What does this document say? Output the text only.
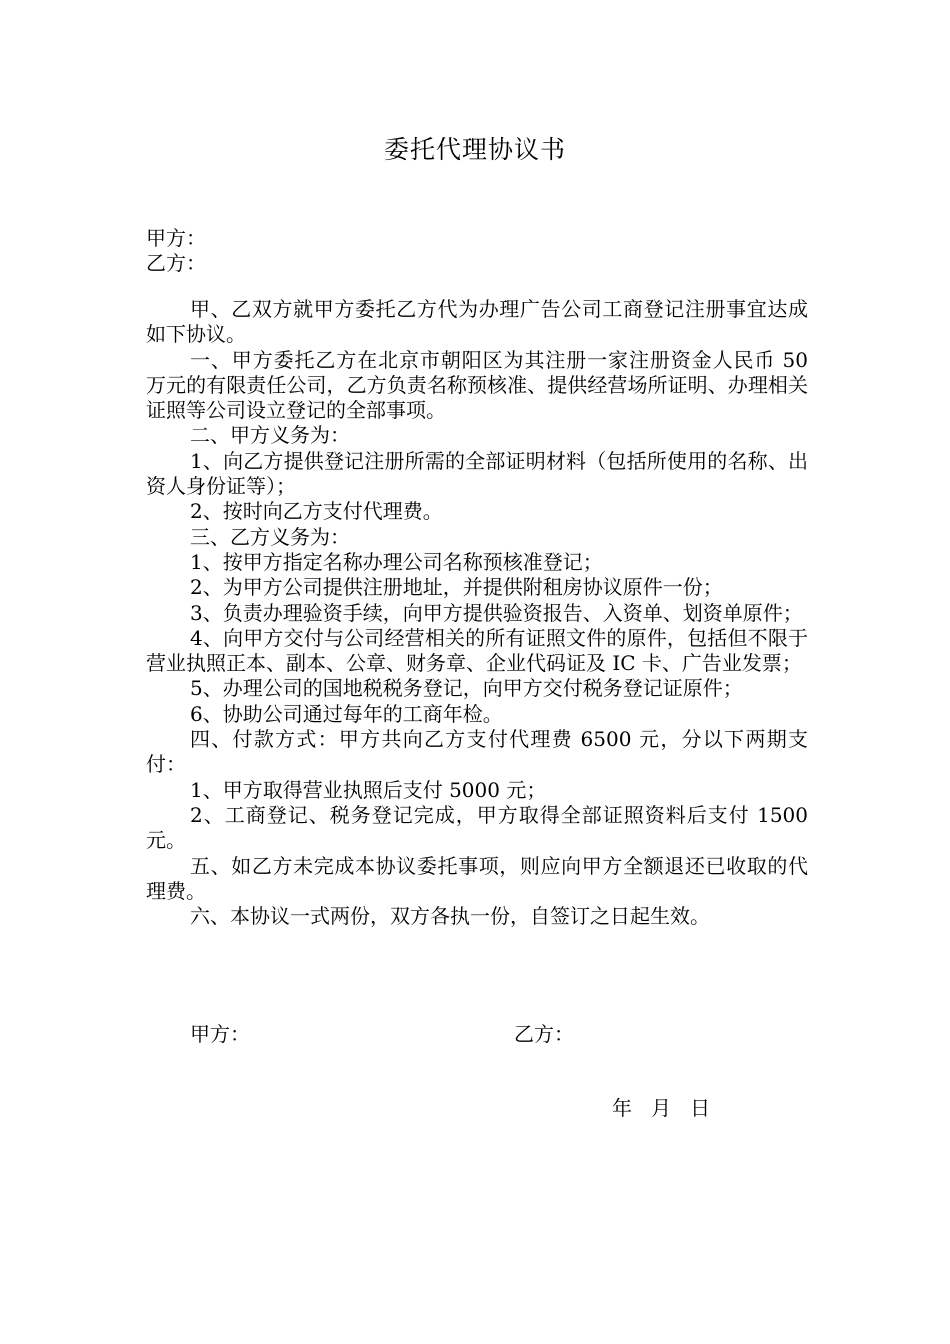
委托代理协议书
甲方：
乙方：

甲、乙双方就甲方委托乙方代为办理广告公司工商登记注册事宜达成如下协议。

一、甲方委托乙方在北京市朝阳区为其注册一家注册资金人民币 50 万元的有限责任公司，乙方负责名称预核准、提供经营场所证明、办理相关证照等公司设立登记的全部事项。

二、甲方义务为：

1、向乙方提供登记注册所需的全部证明材料（包括所使用的名称、出资人身份证等）；

2、按时向乙方支付代理费。

三、乙方义务为：

1、按甲方指定名称办理公司名称预核准登记；

2、为甲方公司提供注册地址，并提供附租房协议原件一份；

3、负责办理验资手续，向甲方提供验资报告、入资单、划资单原件；

4、向甲方交付与公司经营相关的所有证照文件的原件，包括但不限于营业执照正本、副本、公章、财务章、企业代码证及 IC 卡、广告业发票；

5、办理公司的国地税税务登记，向甲方交付税务登记证原件；

6、协助公司通过每年的工商年检。

四、付款方式：甲方共向乙方支付代理费 6500 元，分以下两期支付：

1、甲方取得营业执照后支付 5000 元；

2、工商登记、税务登记完成，甲方取得全部证照资料后支付 1500 元。

五、如乙方未完成本协议委托事项，则应向甲方全额退还已收取的代理费。

六、本协议一式两份，双方各执一份，自签订之日起生效。

甲方：	乙方：
年   月   日
